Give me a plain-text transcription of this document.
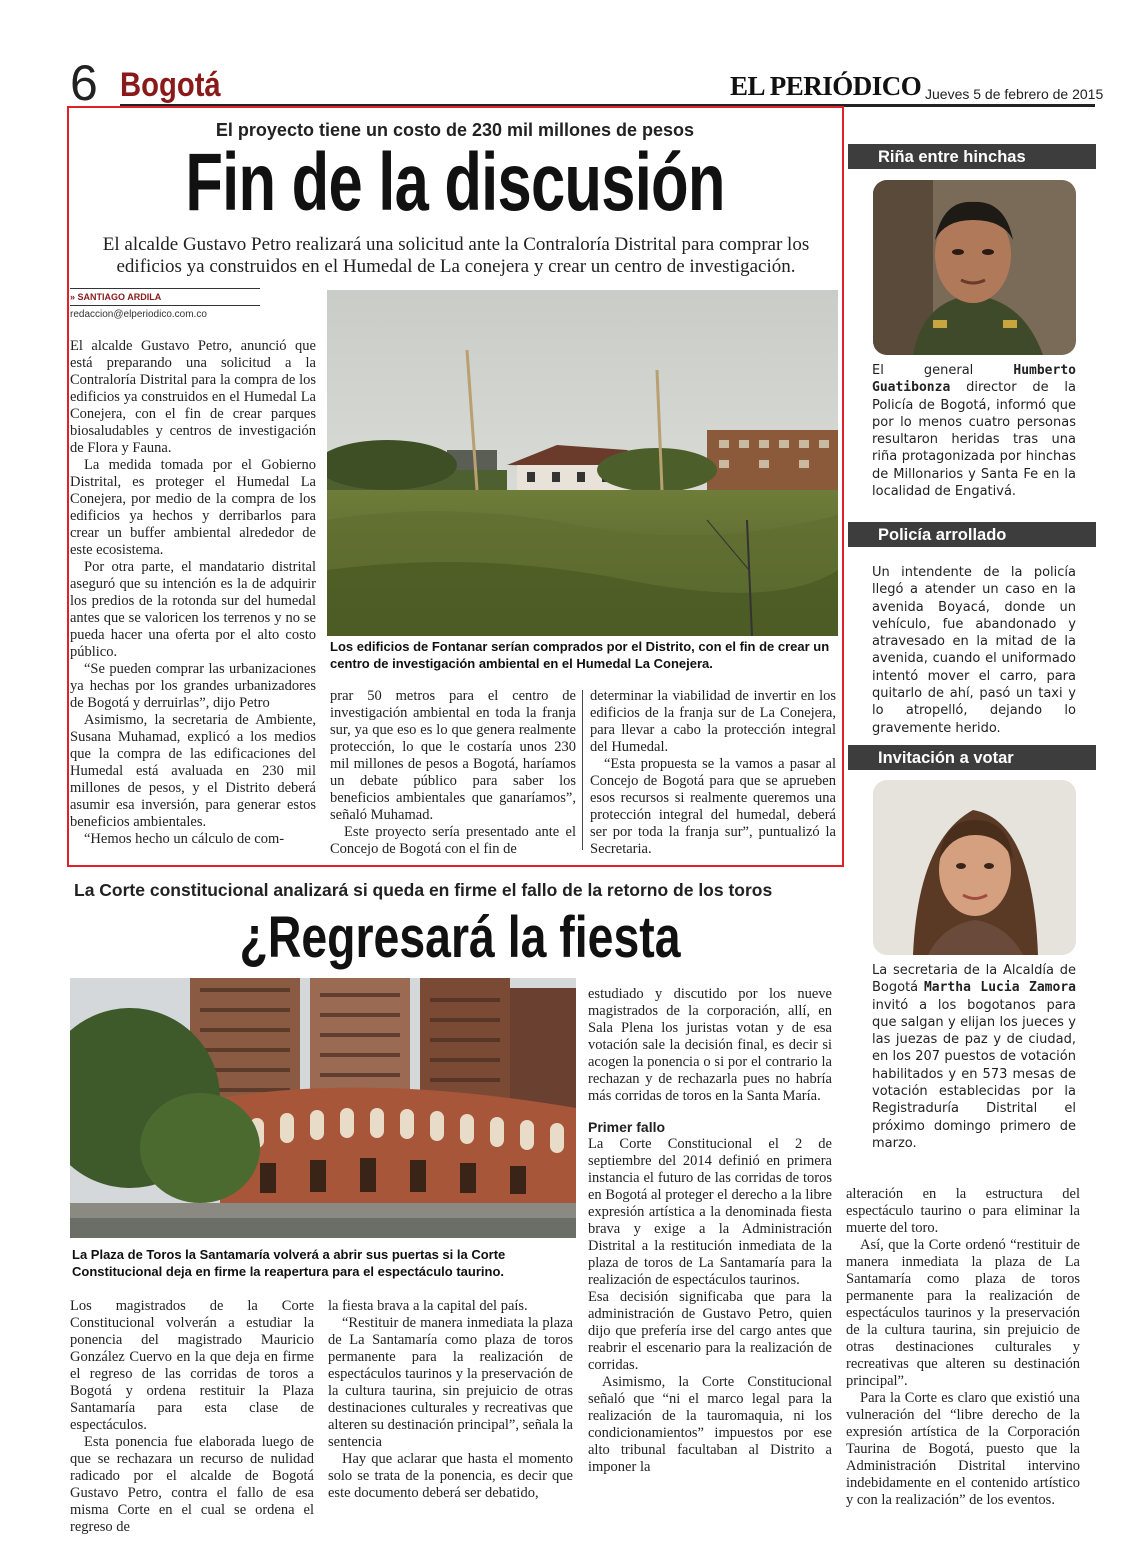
6 Bogotá	EL PERIÓDICO Jueves 5 de febrero de 2015
El proyecto tiene un costo de 230 mil millones de pesos
Fin de la discusión
El alcalde Gustavo Petro realizará una solicitud ante la Contraloría Distrital para comprar los edificios ya construidos en el Humedal de La conejera y crear un centro de investigación.
» SANTIAGO ARDILA
redaccion@elperiodico.com.co

El alcalde Gustavo Petro, anunció que está preparando una solicitud a la Contraloría Distrital para la compra de los edificios ya construidos en el Humedal La Conejera, con el fin de crear parques biosaludables y centros de investigación de Flora y Fauna.

La medida tomada por el Gobierno Distrital, es proteger el Humedal La Conejera, por medio de la compra de los edificios ya hechos y derribarlos para crear un buffer ambiental alrededor de este ecosistema.

Por otra parte, el mandatario distrital aseguró que su intención es la de adquirir los predios de la rotonda sur del humedal antes que se valoricen los terrenos y no se pueda hacer una oferta por el alto costo público.

“Se pueden comprar las urbanizaciones ya hechas por los grandes urbanizadores de Bogotá y derruirlas”, dijo Petro

Asimismo, la secretaria de Ambiente, Susana Muhamad, explicó a los medios que la compra de las edificaciones del Humedal está avaluada en 230 mil millones de pesos, y el Distrito deberá asumir esa inversión, para generar estos beneficios ambientales.

“Hemos hecho un cálculo de com-

Los edificios de Fontanar serían comprados por el Distrito, con el fin de crear un centro de investigación ambiental en el Humedal La Conejera.

prar 50 metros para el centro de investigación ambiental en toda la franja sur, ya que eso es lo que genera realmente protección, lo que le costaría unos 230 mil millones de pesos a Bogotá, haríamos un debate público para saber los beneficios ambientales que ganaríamos”, señaló Muhamad.

Este proyecto sería presentado ante el Concejo de Bogotá con el fin de

determinar la viabilidad de invertir en los edificios de la franja sur de La Conejera, para llevar a cabo la protección integral del Humedal.

“Esta propuesta se la vamos a pasar al Concejo de Bogotá para que se aprueben esos recursos si realmente queremos una protección integral del humedal, deberá ser por toda la franja sur”, puntualizó la Secretaria.

Riña entre hinchas
El general Humberto Guatibonza director de la Policía de Bogotá, informó que por lo menos cuatro personas resultaron heridas tras una riña protagonizada por hinchas de Millonarios y Santa Fe en la localidad de Engativá.
Policía arrollado
Un intendente de la policía llegó a atender un caso en la avenida Boyacá, donde un vehículo, fue abandonado y atravesado en la mitad de la avenida, cuando el uniformado intentó mover el carro, para quitarlo de ahí, pasó un taxi y lo atropelló, dejando lo gravemente herido.
Invitación a votar
La secretaria de la Alcaldía de Bogotá Martha Lucia Zamora invitó a los bogotanos para que salgan y elijan los jueces y las juezas de paz y de ciudad, en los 207 puestos de votación habilitados y en 573 mesas de votación establecidas por la Registraduría Distrital el próximo domingo primero de marzo.
La Corte constitucional analizará si queda en firme el fallo de la retorno de los toros
¿Regresará la fiesta
La Plaza de Toros la Santamaría volverá a abrir sus puertas si la Corte Constitucional deja en firme la reapertura para el espectáculo taurino.

Los magistrados de la Corte Constitucional volverán a estudiar la ponencia del magistrado Mauricio González Cuervo en la que deja en firme el regreso de las corridas de toros a Bogotá y ordena restituir la Plaza Santamaría para esta clase de espectáculos.

Esta ponencia fue elaborada luego de que se rechazara un recurso de nulidad radicado por el alcalde de Bogotá Gustavo Petro, contra el fallo de esa misma Corte en el cual se ordena el regreso de

la fiesta brava a la capital del país.

“Restituir de manera inmediata la plaza de La Santamaría como plaza de toros permanente para la realización de espectáculos taurinos y la preservación de la cultura taurina, sin prejuicio de otras destinaciones culturales y recreativas que alteren su destinación principal”, señala la sentencia

Hay que aclarar que hasta el momento solo se trata de la ponencia, es decir que este documento deberá ser debatido,

estudiado y discutido por los nueve magistrados de la corporación, allí, en Sala Plena los juristas votan y de esa votación sale la decisión final, es decir si acogen la ponencia o si por el contrario la rechazan y de rechazarla pues no habría más corridas de toros en la Santa María.

Primer fallo

La Corte Constitucional el 2 de septiembre del 2014 definió en primera instancia el futuro de las corridas de toros en Bogotá al proteger el derecho a la libre expresión artística a la denominada fiesta brava y exige a la Administración Distrital a la restitución inmediata de la plaza de toros de La Santamaría para la realización de espectáculos taurinos.

Esa decisión significaba que para la administración de Gustavo Petro, quien dijo que prefería irse del cargo antes que reabrir el escenario para la realización de corridas.

Asimismo, la Corte Constitucional señaló que “ni el marco legal para la realización de la tauromaquia, ni los condicionamientos” impuestos por ese alto tribunal facultaban al Distrito a imponer la

alteración en la estructura del espectáculo taurino o para eliminar la muerte del toro.

Así, que la Corte ordenó “restituir de manera inmediata la plaza de La Santamaría como plaza de toros permanente para la realización de espectáculos taurinos y la preservación de la cultura taurina, sin prejuicio de otras destinaciones culturales y recreativas que alteren su destinación principal”.

Para la Corte es claro que existió una vulneración del “libre derecho de la expresión artística de la Corporación Taurina de Bogotá, puesto que la Administración Distrital intervino indebidamente en el contenido artístico y con la realización” de los eventos.
